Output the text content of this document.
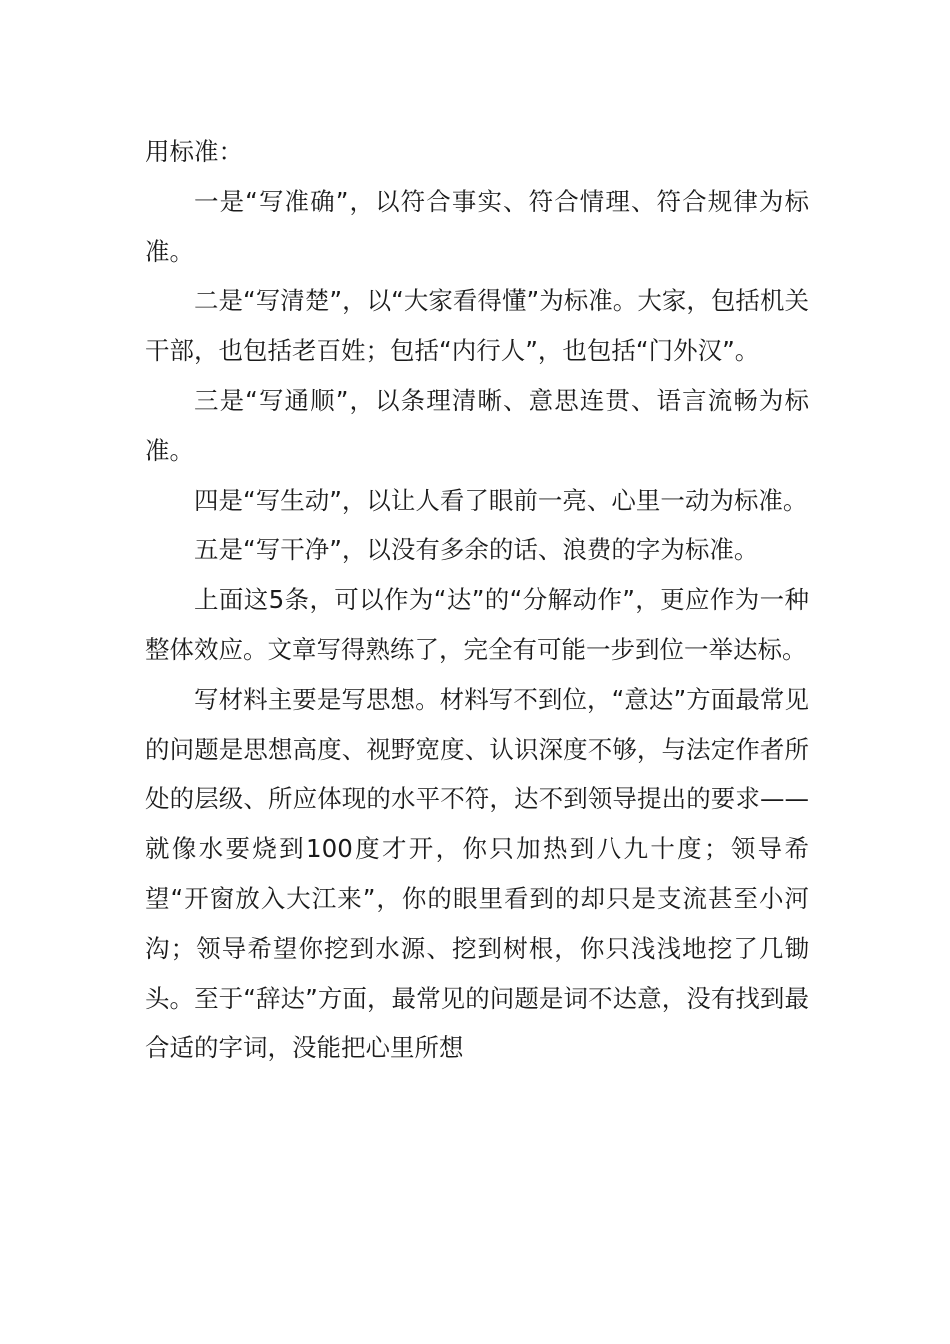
用标准：

一是“写准确”，以符合事实、符合情理、符合规律为标准。

二是“写清楚”，以“大家看得懂”为标准。大家，包括机关干部，也包括老百姓；包括“内行人”，也包括“门外汉”。

三是“写通顺”，以条理清晰、意思连贯、语言流畅为标准。

四是“写生动”，以让人看了眼前一亮、心里一动为标准。

五是“写干净”，以没有多余的话、浪费的字为标准。

上面这5条，可以作为“达”的“分解动作”，更应作为一种整体效应。文章写得熟练了，完全有可能一步到位一举达标。

写材料主要是写思想。材料写不到位，“意达”方面最常见的问题是思想高度、视野宽度、认识深度不够，与法定作者所处的层级、所应体现的水平不符，达不到领导提出的要求——就像水要烧到100度才开，你只加热到八九十度；领导希望“开窗放入大江来”，你的眼里看到的却只是支流甚至小河沟；领导希望你挖到水源、挖到树根，你只浅浅地挖了几锄头。至于“辞达”方面，最常见的问题是词不达意，没有找到最合适的字词，没能把心里所想
